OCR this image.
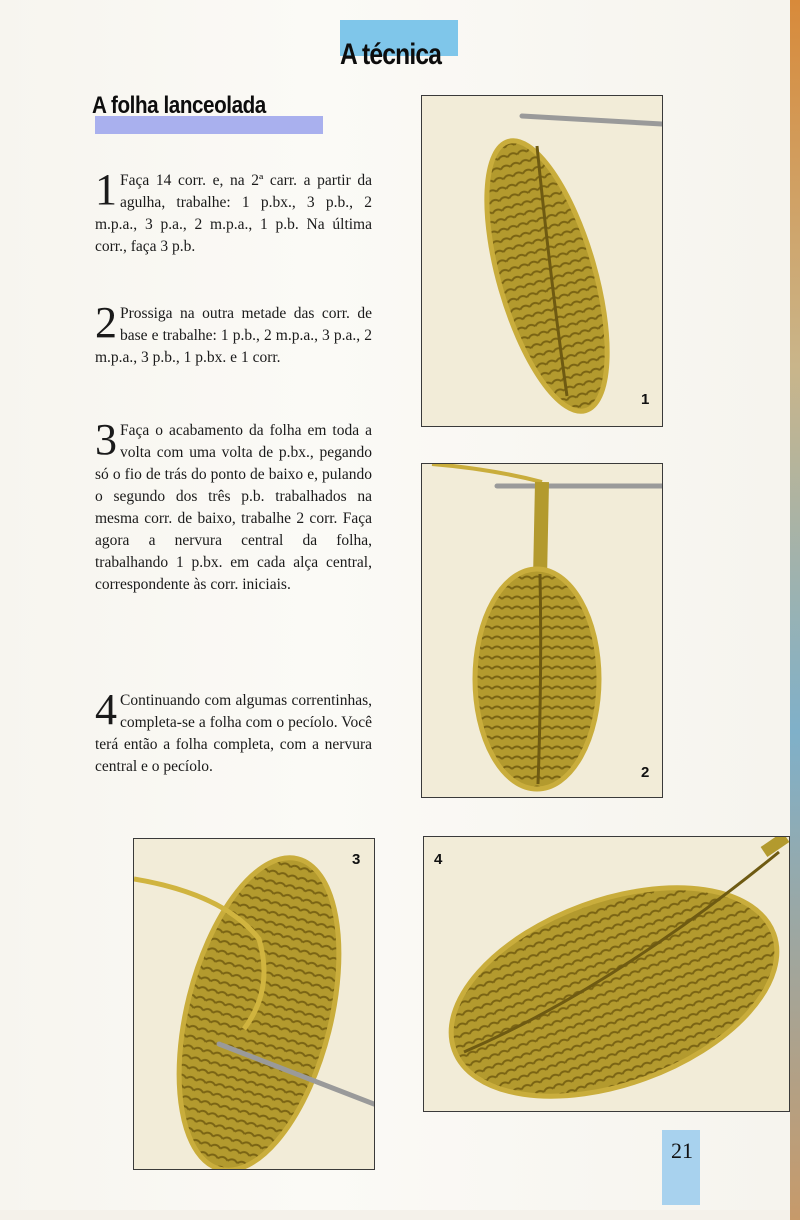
A técnica
A folha lanceolada
1 Faça 14 corr. e, na 2ª carr. a partir da agulha, trabalhe: 1 p.bx., 3 p.b., 2 m.p.a., 3 p.a., 2 m.p.a., 1 p.b. Na última corr., faça 3 p.b.
2 Prossiga na outra metade das corr. de base e trabalhe: 1 p.b., 2 m.p.a., 3 p.a., 2 m.p.a., 3 p.b., 1 p.bx. e 1 corr.
3 Faça o acabamento da folha em toda a volta com uma volta de p.bx., pegando só o fio de trás do ponto de baixo e, pulando o segundo dos três p.b. trabalhados na mesma corr. de baixo, trabalhe 2 corr. Faça agora a nervura central da folha, trabalhando 1 p.bx. em cada alça central, correspondente às corr. iniciais.
4 Continuando com algumas correntinhas, completa-se a folha com o pecíolo. Você terá então a folha completa, com a nervura central e o pecíolo.
1
2
3	4
21
